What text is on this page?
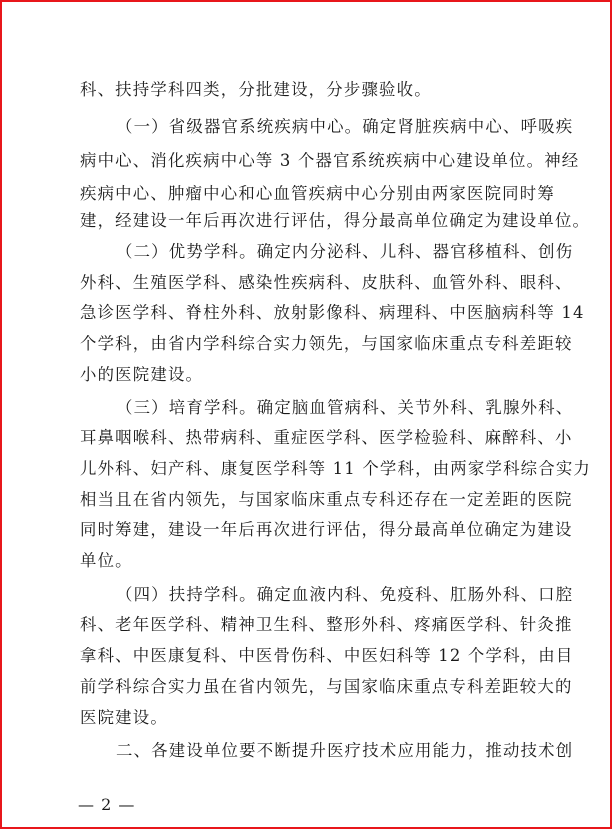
科、扶持学科四类，分批建设，分步骤验收。
（一）省级器官系统疾病中心。确定肾脏疾病中心、呼吸疾
病中心、消化疾病中心等 3 个器官系统疾病中心建设单位。神经
疾病中心、肿瘤中心和心血管疾病中心分别由两家医院同时筹
建，经建设一年后再次进行评估，得分最高单位确定为建设单位。
（二）优势学科。确定内分泌科、儿科、器官移植科、创伤
外科、生殖医学科、感染性疾病科、皮肤科、血管外科、眼科、
急诊医学科、脊柱外科、放射影像科、病理科、中医脑病科等 14
个学科，由省内学科综合实力领先，与国家临床重点专科差距较
小的医院建设。
（三）培育学科。确定脑血管病科、关节外科、乳腺外科、
耳鼻咽喉科、热带病科、重症医学科、医学检验科、麻醉科、小
儿外科、妇产科、康复医学科等 11 个学科，由两家学科综合实力
相当且在省内领先，与国家临床重点专科还存在一定差距的医院
同时筹建，建设一年后再次进行评估，得分最高单位确定为建设
单位。
（四）扶持学科。确定血液内科、免疫科、肛肠外科、口腔
科、老年医学科、精神卫生科、整形外科、疼痛医学科、针灸推
拿科、中医康复科、中医骨伤科、中医妇科等 12 个学科，由目
前学科综合实力虽在省内领先，与国家临床重点专科差距较大的
医院建设。
二、各建设单位要不断提升医疗技术应用能力，推动技术创
— 2 —
